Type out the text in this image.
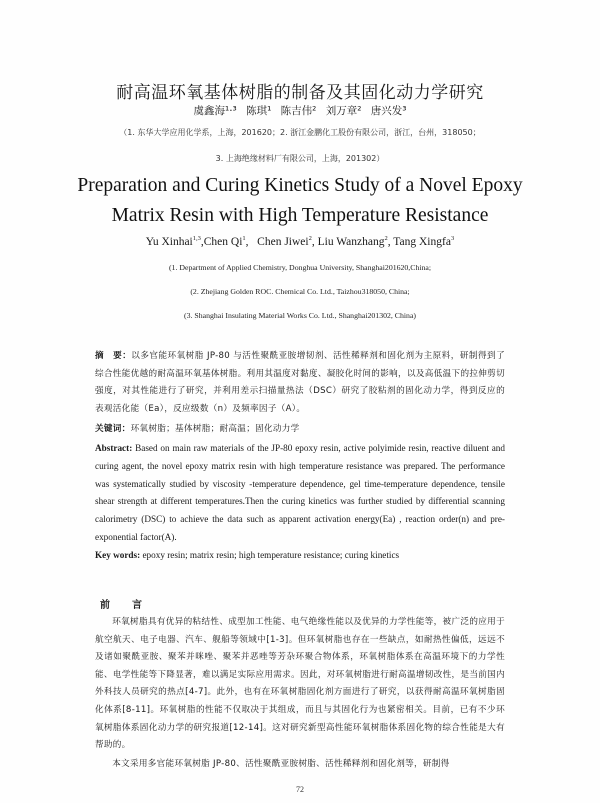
耐高温环氧基体树脂的制备及其固化动力学研究
虞鑫海¹·³ 陈琪¹ 陈吉伟² 刘万章² 唐兴发³
（1. 东华大学应用化学系，上海，201620；2. 浙江金鹏化工股份有限公司，浙江，台州，318050；
3. 上海绝缘材料厂有限公司，上海，201302）
Preparation and Curing Kinetics Study of a Novel Epoxy
Matrix Resin with High Temperature Resistance
Yu Xinhai$^{1,3}$,Chen Qi$^1$,   Chen Jiwei$^2$, Liu Wanzhang$^2$, Tang Xingfa$^3$
(1. Department of Applied Chemistry, Donghua University, Shanghai201620,China;
(2. Zhejiang Golden ROC. Chemical Co. Ltd., Taizhou318050, China;
(3. Shanghai Insulating Material Works Co. Ltd., Shanghai201302, China)
摘　要：以多官能环氧树脂 JP-80 与活性聚酰亚胺增韧剂、活性稀释剂和固化剂为主原料，研制得到了综合性能优越的耐高温环氧基体树脂。利用其温度对黏度、凝胶化时间的影响，以及高低温下的拉伸剪切强度，对其性能进行了研究，并利用差示扫描量热法（DSC）研究了胶粘剂的固化动力学，得到反应的表观活化能（Ea），反应级数（n）及频率因子（A）。
关键词：环氧树脂；基体树脂；耐高温；固化动力学
Abstract: Based on main raw materials of the JP-80 epoxy resin, active polyimide resin, reactive diluent and curing agent, the novel epoxy matrix resin with high temperature resistance was prepared. The performance was systematically studied by viscosity -temperature dependence, gel time-temperature dependence, tensile shear strength at different temperatures.Then the curing kinetics was further studied by differential scanning calorimetry (DSC) to achieve the data such as apparent activation energy(Ea) , reaction order(n) and pre-exponential factor(A).
Key words: epoxy resin; matrix resin; high temperature resistance; curing kinetics
前　言
环氧树脂具有优异的粘结性、成型加工性能、电气绝缘性能以及优异的力学性能等，被广泛的应用于航空航天、电子电器、汽车、舰船等领域中[1-3]。但环氧树脂也存在一些缺点，如耐热性偏低，远远不及诸如聚酰亚胺、聚苯并咪唑、聚苯并恶唑等芳杂环聚合物体系，环氧树脂体系在高温环境下的力学性能、电学性能等下降显著，难以满足实际应用需求。因此，对环氧树脂进行耐高温增韧改性，是当前国内外科技人员研究的热点[4-7]。此外，也有在环氧树脂固化剂方面进行了研究，以获得耐高温环氧树脂固化体系[8-11]。环氧树脂的性能不仅取决于其组成，而且与其固化行为也紧密相关。目前，已有不少环氧树脂体系固化动力学的研究报道[12-14]。这对研究新型高性能环氧树脂体系固化物的综合性能是大有帮助的。
本文采用多官能环氧树脂 JP-80、活性聚酰亚胺树脂、活性稀释剂和固化剂等，研制得
72
